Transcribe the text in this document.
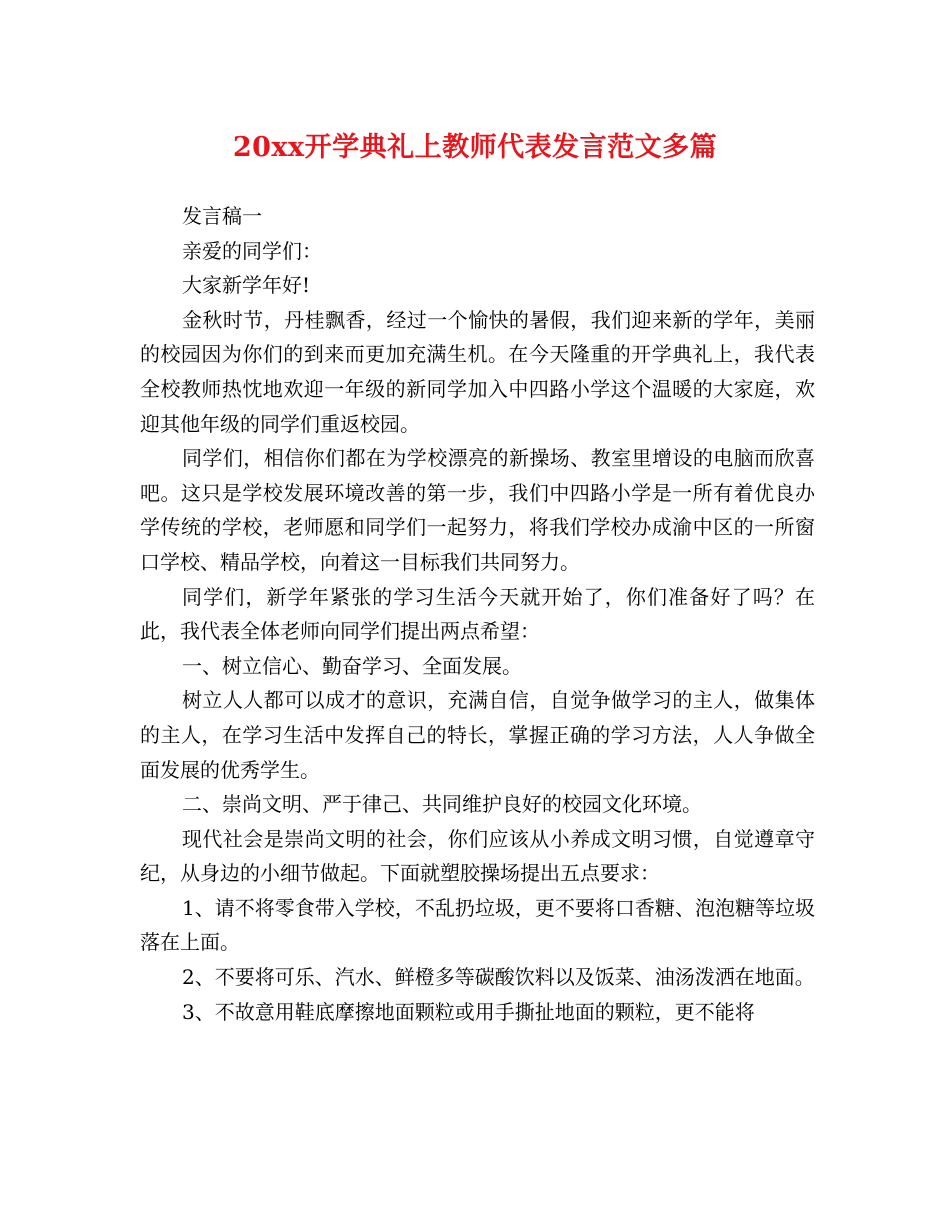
20xx开学典礼上教师代表发言范文多篇

发言稿一

亲爱的同学们：

大家新学年好!

金秋时节，丹桂飘香，经过一个愉快的暑假，我们迎来新的学年，美丽的校园因为你们的到来而更加充满生机。在今天隆重的开学典礼上，我代表全校教师热忱地欢迎一年级的新同学加入中四路小学这个温暖的大家庭，欢迎其他年级的同学们重返校园。

同学们，相信你们都在为学校漂亮的新操场、教室里增设的电脑而欣喜吧。这只是学校发展环境改善的第一步，我们中四路小学是一所有着优良办学传统的学校，老师愿和同学们一起努力，将我们学校办成渝中区的一所窗口学校、精品学校，向着这一目标我们共同努力。

同学们，新学年紧张的学习生活今天就开始了，你们准备好了吗？在此，我代表全体老师向同学们提出两点希望：

一、树立信心、勤奋学习、全面发展。

树立人人都可以成才的意识，充满自信，自觉争做学习的主人，做集体的主人，在学习生活中发挥自己的特长，掌握正确的学习方法，人人争做全面发展的优秀学生。

二、崇尚文明、严于律己、共同维护良好的校园文化环境。

现代社会是崇尚文明的社会，你们应该从小养成文明习惯，自觉遵章守纪，从身边的小细节做起。下面就塑胶操场提出五点要求：

1、请不将零食带入学校，不乱扔垃圾，更不要将口香糖、泡泡糖等垃圾落在上面。

2、不要将可乐、汽水、鲜橙多等碳酸饮料以及饭菜、油汤泼洒在地面。

3、不故意用鞋底摩擦地面颗粒或用手撕扯地面的颗粒，更不能将
